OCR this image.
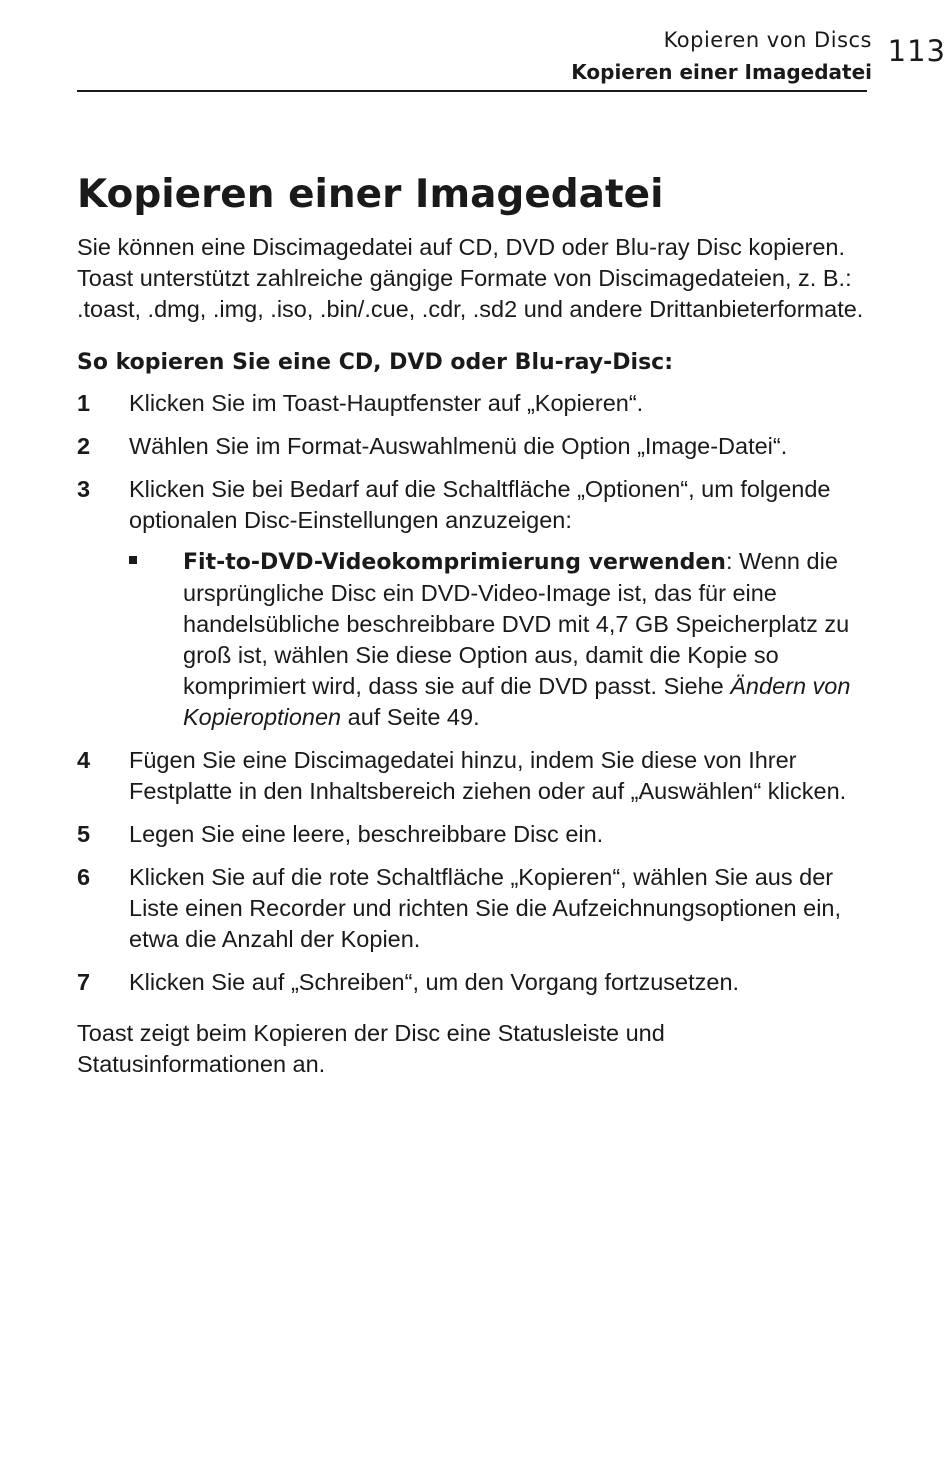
Kopieren von Discs
Kopieren einer Imagedatei
113
Kopieren einer Imagedatei

Sie können eine Discimagedatei auf CD, DVD oder Blu-ray Disc kopieren. Toast unterstützt zahlreiche gängige Formate von Discimagedateien, z. B.: .toast, .dmg, .img, .iso, .bin/.cue, .cdr, .sd2 und andere Drittanbieterformate.

So kopieren Sie eine CD, DVD oder Blu-ray-Disc:
1 Klicken Sie im Toast-Hauptfenster auf „Kopieren“.
2 Wählen Sie im Format-Auswahlmenü die Option „Image-Datei“.
3 Klicken Sie bei Bedarf auf die Schaltfläche „Optionen“, um folgende optionalen Disc-Einstellungen anzuzeigen:
Fit-to-DVD-Videokomprimierung verwenden: Wenn die ursprüngliche Disc ein DVD-Video-Image ist, das für eine handelsübliche beschreibbare DVD mit 4,7 GB Speicherplatz zu groß ist, wählen Sie diese Option aus, damit die Kopie so komprimiert wird, dass sie auf die DVD passt. Siehe Ändern von Kopieroptionen auf Seite 49.
4 Fügen Sie eine Discimagedatei hinzu, indem Sie diese von Ihrer Festplatte in den Inhaltsbereich ziehen oder auf „Auswählen“ klicken.
5 Legen Sie eine leere, beschreibbare Disc ein.
6 Klicken Sie auf die rote Schaltfläche „Kopieren“, wählen Sie aus der Liste einen Recorder und richten Sie die Aufzeichnungsoptionen ein, etwa die Anzahl der Kopien.
7 Klicken Sie auf „Schreiben“, um den Vorgang fortzusetzen.

Toast zeigt beim Kopieren der Disc eine Statusleiste und Statusinformationen an.
